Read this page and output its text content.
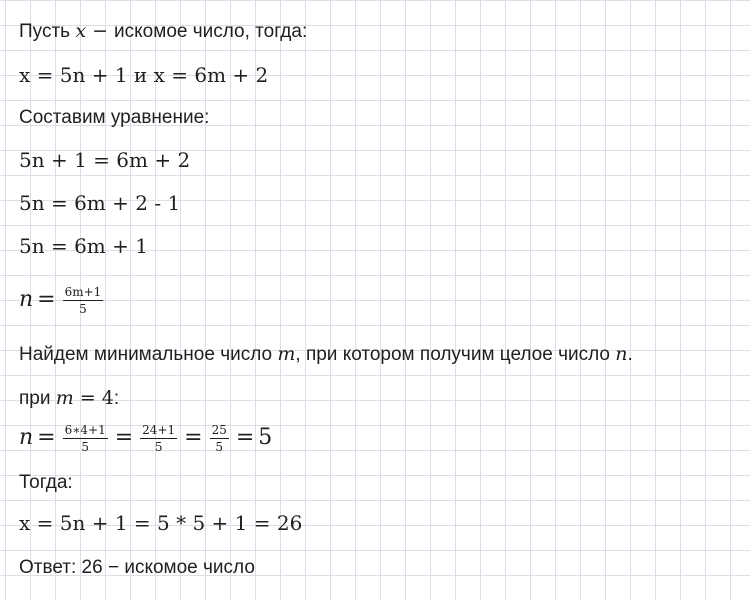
Пусть x − искомое число, тогда:
x = 5n + 1 и x = 6m + 2
Составим уравнение:
5n + 1 = 6m + 2
5n = 6m + 2 - 1
5n = 6m + 1
$n = \frac{6m+1}{5}$
Найдем минимальное число m, при котором получим целое число n.
при m = 4:
$n = \frac{6∗4+1}{5} = \frac{24+1}{5} = \frac{25}{5} = 5$
Тогда:
x = 5n + 1 = 5 * 5 + 1 = 26
Ответ: 26 − искомое число
